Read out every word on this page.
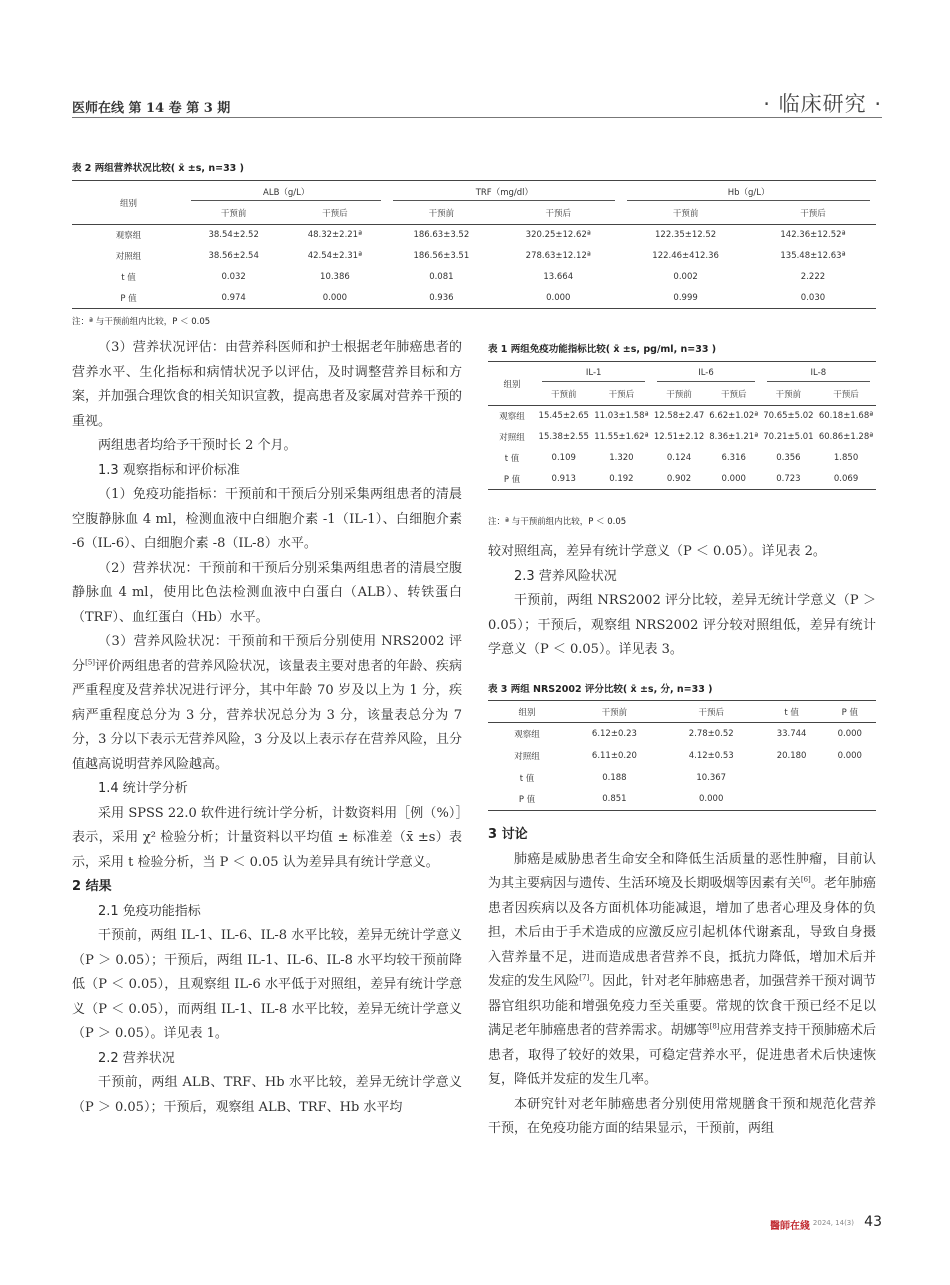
医师在线 第 14 卷 第 3 期	· 临床研究 ·
表 2 两组营养状况比较( x̄ ±s, n=33 )
组别	ALB（g/L）		TRF（mg/dl）		Hb（g/L）	
	干预前	干预后	干预前	干预后	干预前	干预后
观察组	38.54±2.52	48.32±2.21ª	186.63±3.52	320.25±12.62ª	122.35±12.52	142.36±12.52ª
对照组	38.56±2.54	42.54±2.31ª	186.56±3.51	278.63±12.12ª	122.46±412.36	135.48±12.63ª
t 值	0.032	10.386	0.081	13.664	0.002	2.222
P 值	0.974	0.000	0.936	0.000	0.999	0.030
注：ª 与干预前组内比较，P ＜ 0.05

（3）营养状况评估：由营养科医师和护士根据老年肺癌患者的营养水平、生化指标和病情状况予以评估，及时调整营养目标和方案，并加强合理饮食的相关知识宣教，提高患者及家属对营养干预的重视。

两组患者均给予干预时长 2 个月。

1.3 观察指标和评价标准

（1）免疫功能指标：干预前和干预后分别采集两组患者的清晨空腹静脉血 4 ml，检测血液中白细胞介素 -1（IL-1）、白细胞介素 -6（IL-6）、白细胞介素 -8（IL-8）水平。

（2）营养状况：干预前和干预后分别采集两组患者的清晨空腹静脉血 4 ml，使用比色法检测血液中白蛋白（ALB）、转铁蛋白（TRF）、血红蛋白（Hb）水平。

（3）营养风险状况：干预前和干预后分别使用 NRS2002 评分[5]评价两组患者的营养风险状况，该量表主要对患者的年龄、疾病严重程度及营养状况进行评分，其中年龄 70 岁及以上为 1 分，疾病严重程度总分为 3 分，营养状况总分为 3 分，该量表总分为 7 分，3 分以下表示无营养风险，3 分及以上表示存在营养风险，且分值越高说明营养风险越高。

1.4 统计学分析

采用 SPSS 22.0 软件进行统计学分析，计数资料用［例（%）］表示，采用 χ² 检验分析；计量资料以平均值 ± 标准差（x̄ ±s）表示，采用 t 检验分析，当 P ＜ 0.05 认为差异具有统计学意义。

2 结果

2.1 免疫功能指标

干预前，两组 IL-1、IL-6、IL-8 水平比较，差异无统计学意义（P ＞ 0.05）；干预后，两组 IL-1、IL-6、IL-8 水平均较干预前降低（P ＜ 0.05），且观察组 IL-6 水平低于对照组，差异有统计学意义（P ＜ 0.05），而两组 IL-1、IL-8 水平比较，差异无统计学意义（P ＞ 0.05）。详见表 1。

2.2 营养状况

干预前，两组 ALB、TRF、Hb 水平比较，差异无统计学意义（P ＞ 0.05）；干预后，观察组 ALB、TRF、Hb 水平均

表 1 两组免疫功能指标比较( x̄ ±s, pg/ml, n=33 )
组别	IL-1		IL-6		IL-8	
	干预前	干预后	干预前	干预后	干预前	干预后
观察组	15.45±2.65	11.03±1.58ª	12.58±2.47	6.62±1.02ª	70.65±5.02	60.18±1.68ª
对照组	15.38±2.55	11.55±1.62ª	12.51±2.12	8.36±1.21ª	70.21±5.01	60.86±1.28ª
t 值	0.109	1.320	0.124	6.316	0.356	1.850
P 值	0.913	0.192	0.902	0.000	0.723	0.069
注：ª 与干预前组内比较，P ＜ 0.05

较对照组高，差异有统计学意义（P ＜ 0.05）。详见表 2。

2.3 营养风险状况

干预前，两组 NRS2002 评分比较，差异无统计学意义（P ＞ 0.05）；干预后，观察组 NRS2002 评分较对照组低，差异有统计学意义（P ＜ 0.05）。详见表 3。

表 3 两组 NRS2002 评分比较( x̄ ±s, 分, n=33 )
组别	干预前	干预后	t 值	P 值
观察组	6.12±0.23	2.78±0.52	33.744	0.000
对照组	6.11±0.20	4.12±0.53	20.180	0.000
t 值	0.188	10.367		
P 值	0.851	0.000		

3 讨论

肺癌是威胁患者生命安全和降低生活质量的恶性肿瘤，目前认为其主要病因与遗传、生活环境及长期吸烟等因素有关[6]。老年肺癌患者因疾病以及各方面机体功能减退，增加了患者心理及身体的负担，术后由于手术造成的应激反应引起机体代谢紊乱，导致自身摄入营养量不足，进而造成患者营养不良，抵抗力降低，增加术后并发症的发生风险[7]。因此，针对老年肺癌患者，加强营养干预对调节器官组织功能和增强免疫力至关重要。常规的饮食干预已经不足以满足老年肺癌患者的营养需求。胡娜等[8]应用营养支持干预肺癌术后患者，取得了较好的效果，可稳定营养水平，促进患者术后快速恢复，降低并发症的发生几率。

本研究针对老年肺癌患者分别使用常规膳食干预和规范化营养干预，在免疫功能方面的结果显示，干预前，两组

醫師在綫 2024, 14(3) 43
